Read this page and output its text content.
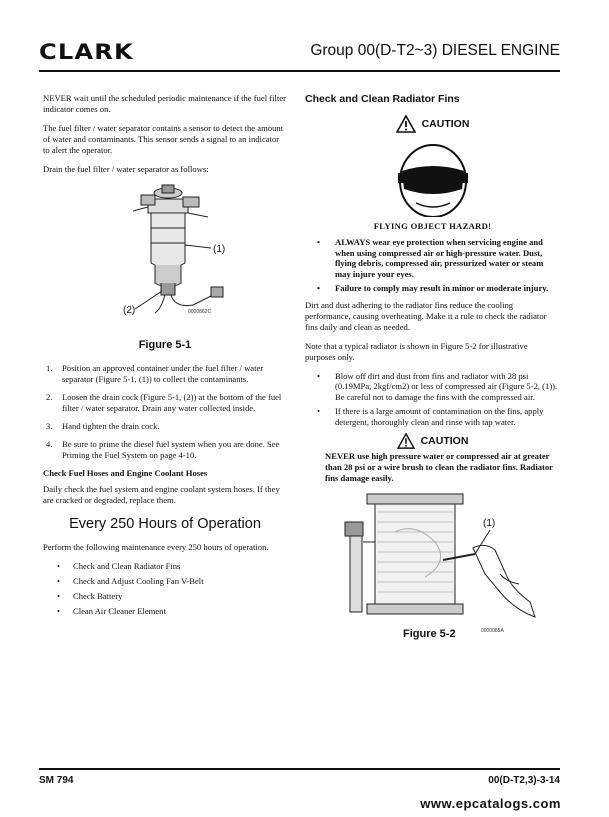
CLARK	Group 00(D-T2~3) DIESEL ENGINE

NEVER wait until the scheduled periodic maintenance if the fuel filter indicator comes on.

The fuel filter / water separator contains a sensor to detect the amount of water and contaminants. This sensor sends a signal to an indicator to alert the operator.

Drain the fuel filter / water separator as follows:

(1)
(2)	0000862C
Figure 5-1
1. Position an approved container under the fuel filter / water separator (Figure 5-1, (1)) to collect the contaminants.
2. Loosen the drain cock (Figure 5-1, (2)) at the bottom of the fuel filter / water separator. Drain any water collected inside.
3. Hand tighten the drain cock.
4. Be sure to prime the diesel fuel system when you are done. See Priming the Fuel System on page 4-10.
Check Fuel Hoses and Engine Coolant Hoses

Daily check the fuel system and engine coolant system hoses. If they are cracked or degraded, replace them.

Every 250 Hours of Operation

Perform the following maintenance every 250 hours of operation.

• Check and Clean Radiator Fins
• Check and Adjust Cooling Fan V-Belt
• Check Battery
• Clean Air Cleaner Element
Check and Clean Radiator Fins
CAUTION
FLYING OBJECT HAZARD!
• ALWAYS wear eye protection when servicing engine and when using compressed air or high-pressure water. Dust, flying debris, compressed air, pressurized water or steam may injure your eyes.
• Failure to comply may result in minor or moderate injury.

Dirt and dust adhering to the radiator fins reduce the cooling performance, causing overheating. Make it a rule to check the radiator fins daily and clean as needed.

Note that a typical radiator is shown in Figure 5-2 for illustrative purposes only.

• Blow off dirt and dust from fins and radiator with 28 psi (0.19MPa, 2kgf/cm2) or less of compressed air (Figure 5-2, (1)). Be careful not to damage the fins with the compressed air.
• If there is a large amount of contamination on the fins, apply detergent, thoroughly clean and rinse with tap water.
CAUTION

NEVER use high pressure water or compressed air at greater than 28 psi or a wire brush to clean the radiator fins. Radiator fins damage easily.

(1)
0000085A
Figure 5-2
SM 794	00(D-T2,3)-3-14
www.epcatalogs.com
